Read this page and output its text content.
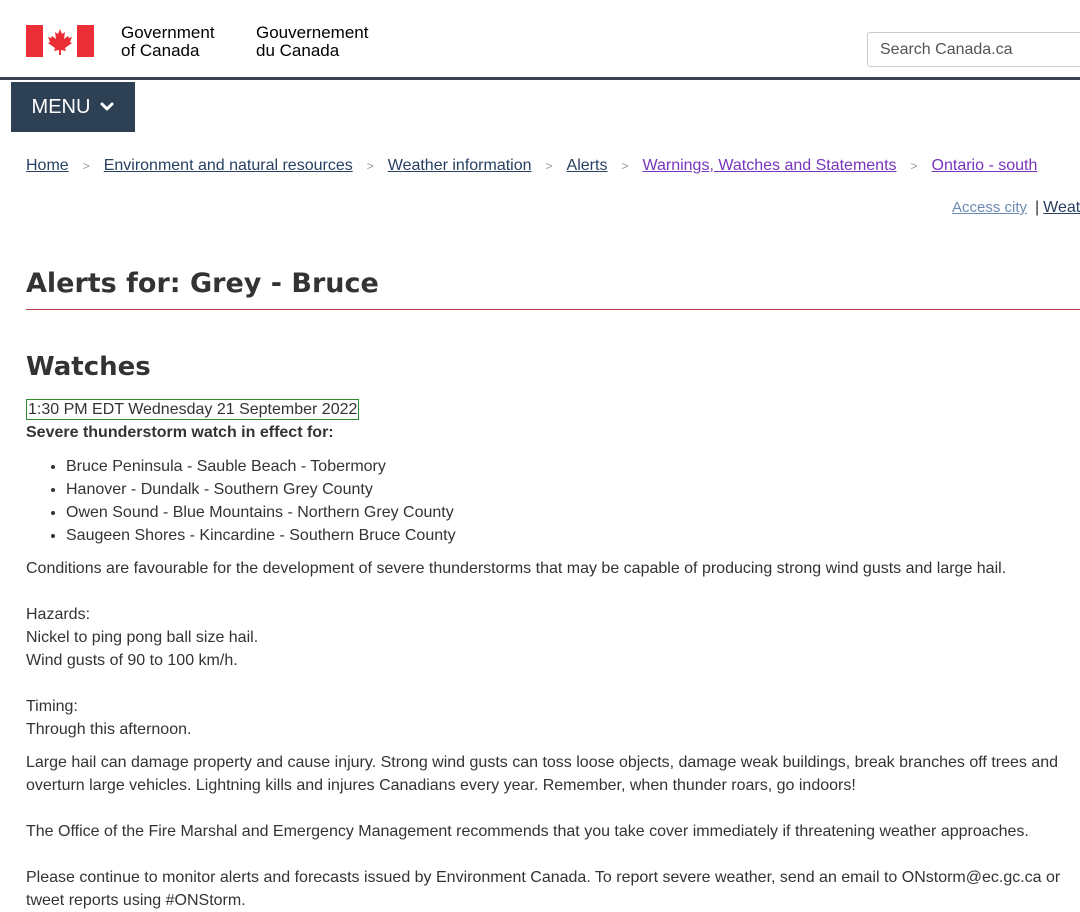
Government
of Canada
Gouvernement
du Canada
Search Canada.ca
MENU
Home > Environment and natural resources > Weather information > Alerts > Warnings, Watches and Statements > Ontario - south
Access city | Weat
Alerts for: Grey - Bruce
Watches
1:30 PM EDT Wednesday 21 September 2022

Severe thunderstorm watch in effect for:

• Bruce Peninsula - Sauble Beach - Tobermory
• Hanover - Dundalk - Southern Grey County
• Owen Sound - Blue Mountains - Northern Grey County
• Saugeen Shores - Kincardine - Southern Bruce County

Conditions are favourable for the development of severe thunderstorms that may be capable of producing strong wind gusts and large hail.

Hazards:
Nickel to ping pong ball size hail.
Wind gusts of 90 to 100 km/h.
Timing:
Through this afternoon.

Large hail can damage property and cause injury. Strong wind gusts can toss loose objects, damage weak buildings, break branches off trees and overturn large vehicles. Lightning kills and injures Canadians every year. Remember, when thunder roars, go indoors!

The Office of the Fire Marshal and Emergency Management recommends that you take cover immediately if threatening weather approaches.
Please continue to monitor alerts and forecasts issued by Environment Canada. To report severe weather, send an email to ONstorm@ec.gc.ca or tweet reports using #ONStorm.
